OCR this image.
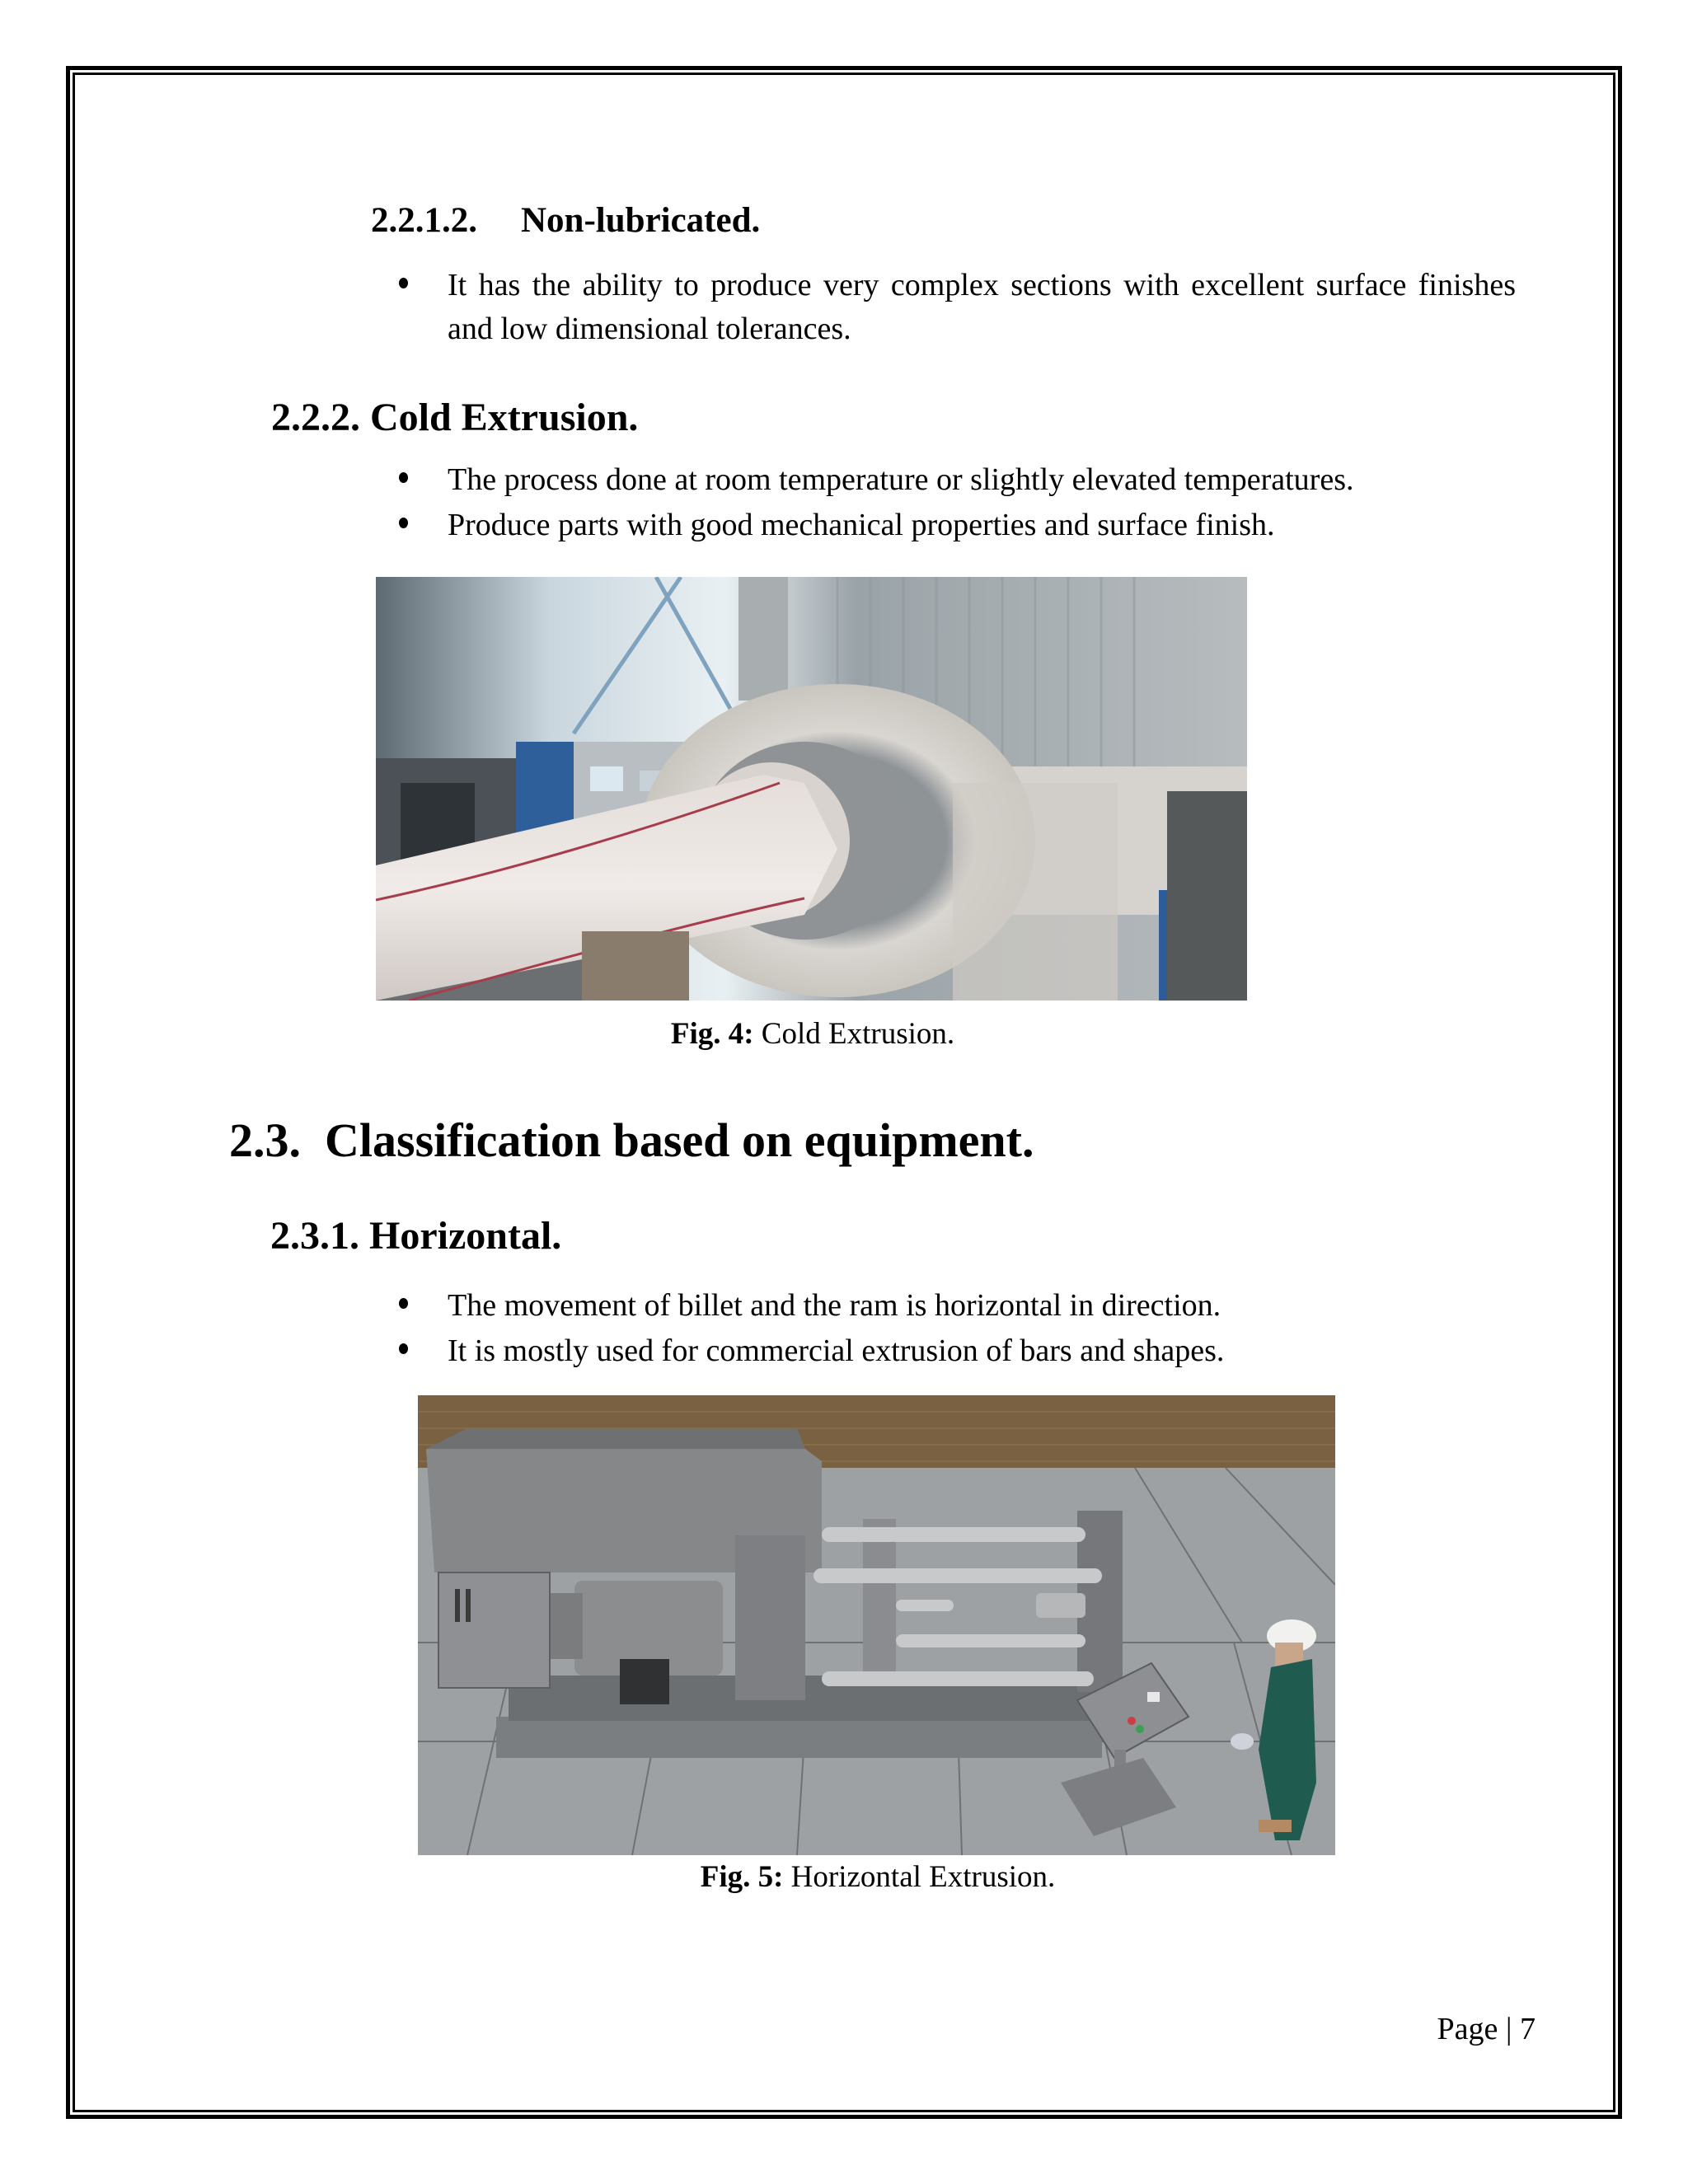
2.2.1.2. Non-lubricated.
It has the ability to produce very complex sections with excellent surface finishes
and low dimensional tolerances.
2.2.2. Cold Extrusion.
The process done at room temperature or slightly elevated temperatures.
Produce parts with good mechanical properties and surface finish.
Fig. 4: Cold Extrusion.
2.3.  Classification based on equipment.
2.3.1. Horizontal.
The movement of billet and the ram is horizontal in direction.
It is mostly used for commercial extrusion of bars and shapes.
Fig. 5: Horizontal Extrusion.
Page | 7
